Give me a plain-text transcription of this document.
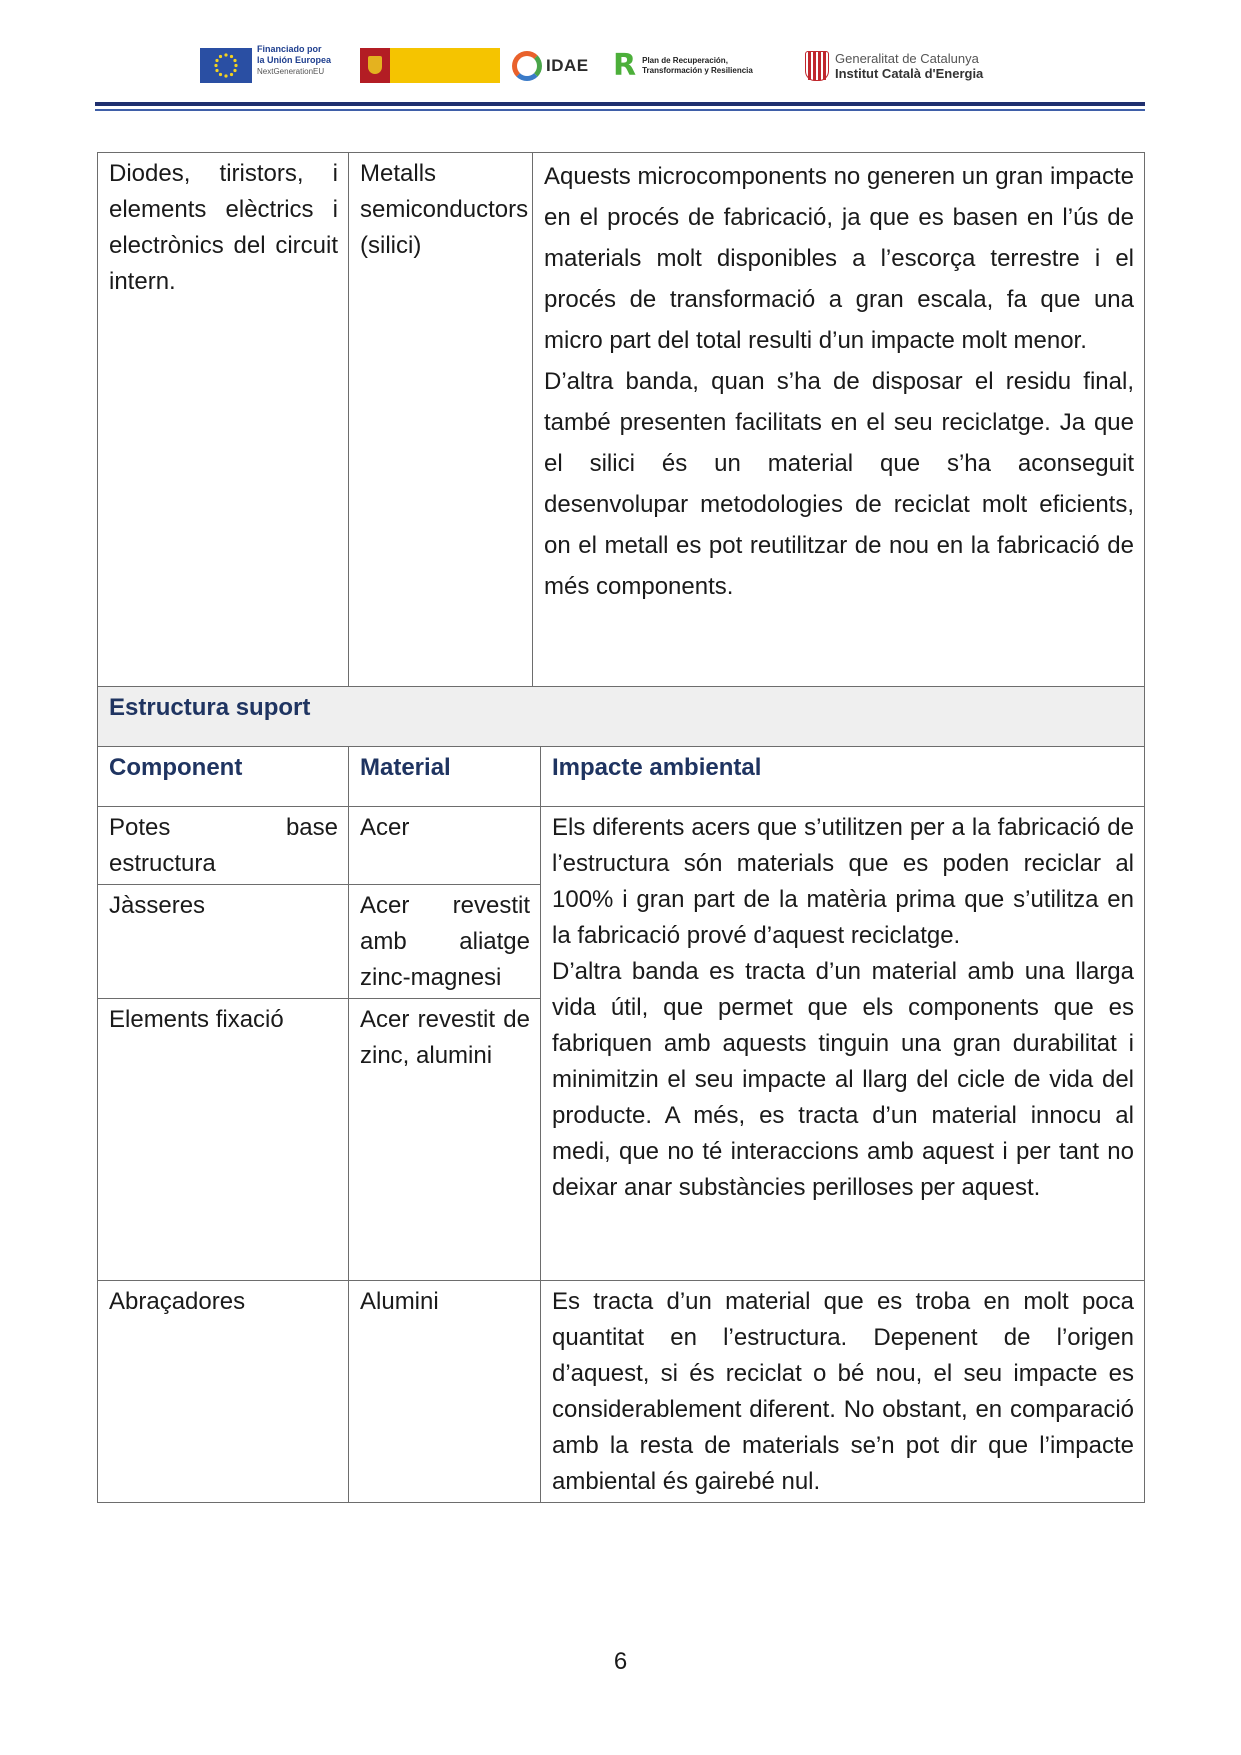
Financiado por
la Unión Europea
NextGenerationEU	IDAE R Plan de Recuperación,
Transformación y Resiliencia
Generalitat de Catalunya
Institut Català d'Energia
Diodes, tiristors, i elements elèctrics i electrònics del circuit intern.	Metalls semiconductors (silici)	Aquests microcomponents no generen un gran impacte en el procés de fabricació, ja que es basen en l’ús de materials molt disponibles a l’escorça terrestre i el procés de transformació a gran escala, fa que una micro part del total resulti d’un impacte molt menor.
D’altra banda, quan s’ha de disposar el residu final, també presenten facilitats en el seu reciclatge. Ja que el silici és un material que s’ha aconseguit desenvolupar metodologies de reciclat molt eficients, on el metall es pot reutilitzar de nou en la fabricació de més components.	

Estructura suport			
Component	Material		Impacte ambiental

Potes base estructura	Acer		Els diferents acers que s’utilitzen per a la fabricació de l’estructura són materials que es poden reciclar al 100% i gran part de la matèria prima que s’utilitza en la fabricació prové d’aquest reciclatge.
D’altra banda es tracta d’un material amb una llarga vida útil, que permet que els components que es fabriquen amb aquests tinguin una gran durabilitat i minimitzin el seu impacte al llarg del cicle de vida del producte. A més, es tracta d’un material innocu al medi, que no té interaccions amb aquest i per tant no deixar anar substàncies perilloses per aquest.

Jàsseres	Acer revestit amb aliatge zinc-magnesi		

Elements fixació	Acer revestit de zinc, alumini		

Abraçadores	Alumini		Es tracta d’un material que es troba en molt poca quantitat en l’estructura. Depenent de l’origen d’aquest, si és reciclat o bé nou, el seu impacte es considerablement diferent. No obstant, en comparació amb la resta de materials se’n pot dir que l’impacte ambiental és gairebé nul.
6
